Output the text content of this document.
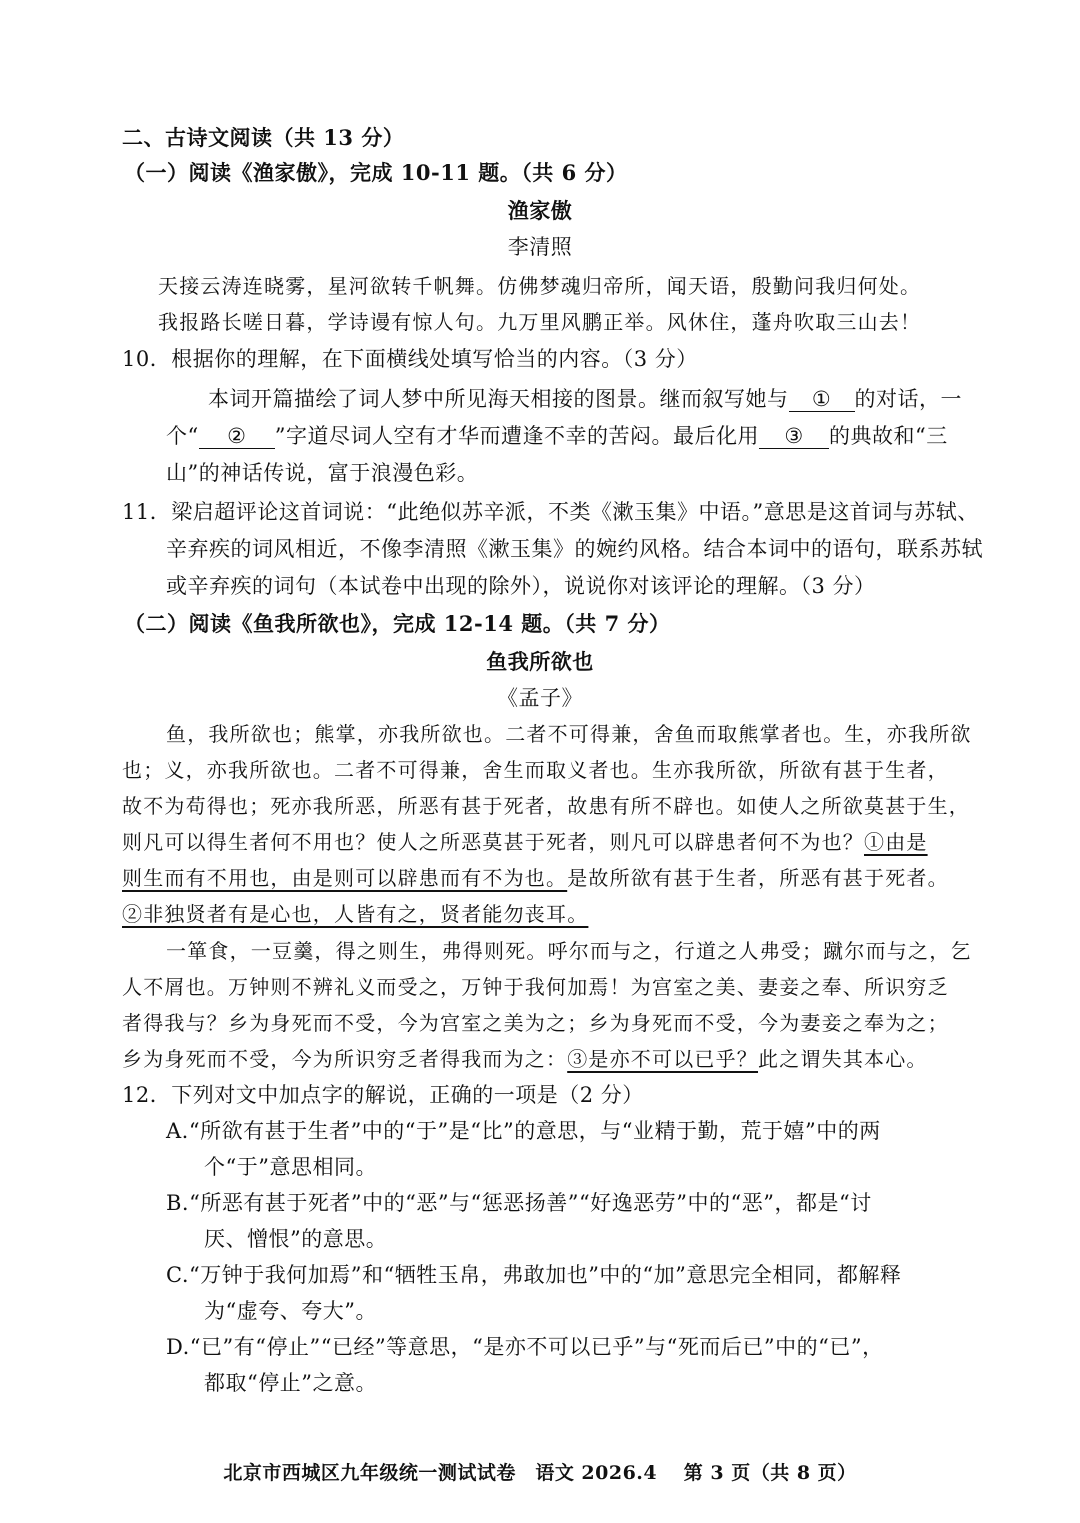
二、古诗文阅读（共 13 分）
（一）阅读《渔家傲》，完成 10-11 题。（共 6 分）
渔家傲
李清照
天接云涛连晓雾，星河欲转千帆舞。仿佛梦魂归帝所，闻天语，殷勤问我归何处。
我报路长嗟日暮，学诗谩有惊人句。九万里风鹏正举。风休住，蓬舟吹取三山去！
10．根据你的理解，在下面横线处填写恰当的内容。（3 分）
本词开篇描绘了词人梦中所见海天相接的图景。继而叙写她与 ① 的对话，一
个“ ② ”字道尽词人空有才华而遭逢不幸的苦闷。最后化用 ③ 的典故和“三
山”的神话传说，富于浪漫色彩。
11．梁启超评论这首词说：“此绝似苏辛派，不类《漱玉集》中语。”意思是这首词与苏轼、
辛弃疾的词风相近，不像李清照《漱玉集》的婉约风格。结合本词中的语句，联系苏轼
或辛弃疾的词句（本试卷中出现的除外），说说你对该评论的理解。（3 分）
（二）阅读《鱼我所欲也》，完成 12-14 题。（共 7 分）
鱼我所欲也
《孟子》
鱼，我所欲也；熊掌，亦我所欲也。二者不可得兼，舍鱼而取熊掌者也。生，亦我所欲
也；义，亦我所欲也。二者不可得兼，舍生而取义者也。生亦我所欲，所欲有甚于生者，
故不为苟得也；死亦我所恶，所恶有甚于死者，故患有所不辟也。如使人之所欲莫甚于生，
则凡可以得生者何不用也？使人之所恶莫甚于死者，则凡可以辟患者何不为也？①由是
则生而有不用也，由是则可以辟患而有不为也。是故所欲有甚于生者，所恶有甚于死者。
②非独贤者有是心也，人皆有之，贤者能勿丧耳。
一箪食，一豆羹，得之则生，弗得则死。呼尔而与之，行道之人弗受；蹴尔而与之，乞
人不屑也。万钟则不辨礼义而受之，万钟于我何加焉！为宫室之美、妻妾之奉、所识穷乏
者得我与？乡为身死而不受，今为宫室之美为之；乡为身死而不受，今为妻妾之奉为之；
乡为身死而不受，今为所识穷乏者得我而为之：③是亦不可以已乎？此之谓失其本心。
12．下列对文中加点字的解说，正确的一项是（2 分）
A.“所欲有甚于生者”中的“于”是“比”的意思，与“业精于勤，荒于嬉”中的两
个“于”意思相同。
B.“所恶有甚于死者”中的“恶”与“惩恶扬善”“好逸恶劳”中的“恶”，都是“讨
厌、憎恨”的意思。
C.“万钟于我何加焉”和“牺牲玉帛，弗敢加也”中的“加”意思完全相同，都解释
为“虚夸、夸大”。
D.“已”有“停止”“已经”等意思，“是亦不可以已乎”与“死而后已”中的“已”，
都取“停止”之意。
北京市西城区九年级统一测试试卷　语文 2026.4　 第 3 页（共 8 页）
